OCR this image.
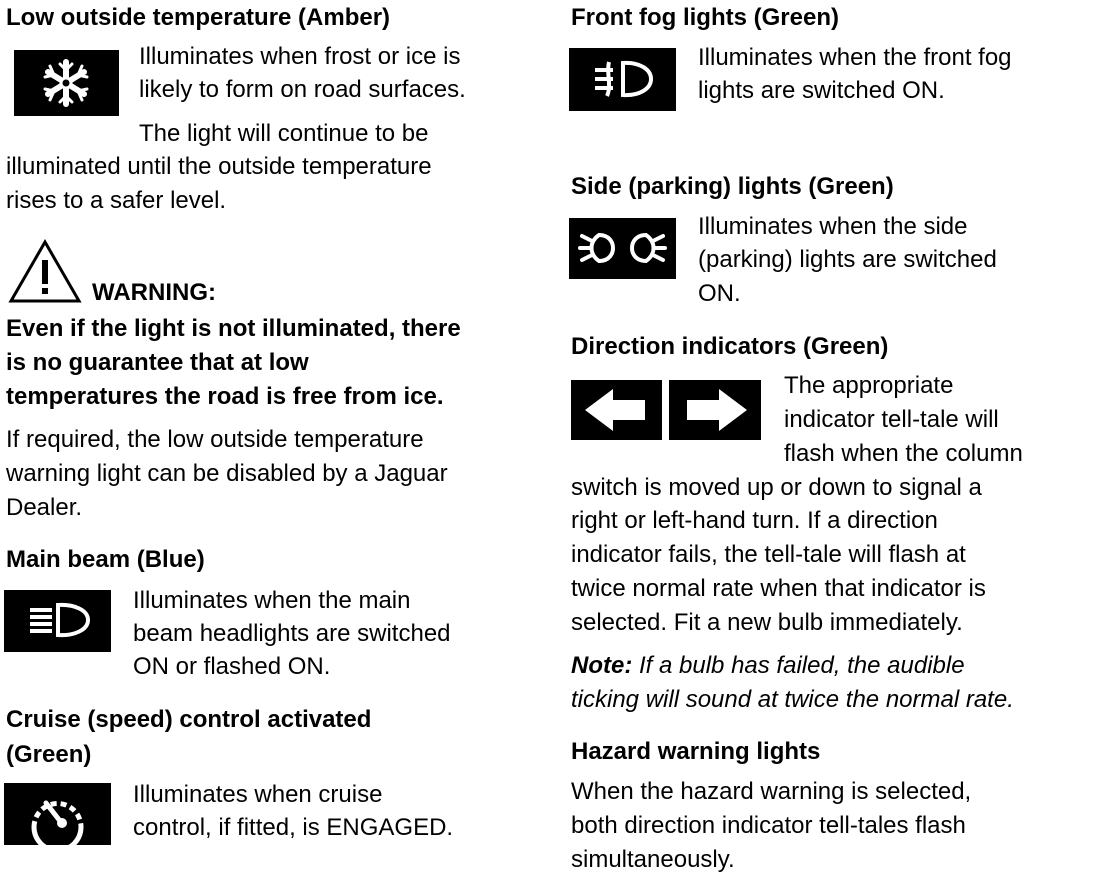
Low outside temperature (Amber)
Illuminates when frost or ice is
likely to form on road surfaces.
The light will continue to be
illuminated until the outside temperature
rises to a safer level.
WARNING:
Even if the light is not illuminated, there
is no guarantee that at low
temperatures the road is free from ice.
If required, the low outside temperature
warning light can be disabled by a Jaguar
Dealer.
Main beam (Blue)
Illuminates when the main
beam headlights are switched
ON or flashed ON.
Cruise (speed) control activated
(Green)
Illuminates when cruise
control, if fitted, is ENGAGED.
Front fog lights (Green)
Illuminates when the front fog
lights are switched ON.
Side (parking) lights (Green)
Illuminates when the side
(parking) lights are switched
ON.
Direction indicators (Green)
The appropriate
indicator tell-tale will
flash when the column
switch is moved up or down to signal a
right or left-hand turn. If a direction
indicator fails, the tell-tale will flash at
twice normal rate when that indicator is
selected. Fit a new bulb immediately.
Note: If a bulb has failed, the audible
ticking will sound at twice the normal rate.
Hazard warning lights
When the hazard warning is selected,
both direction indicator tell-tales flash
simultaneously.
